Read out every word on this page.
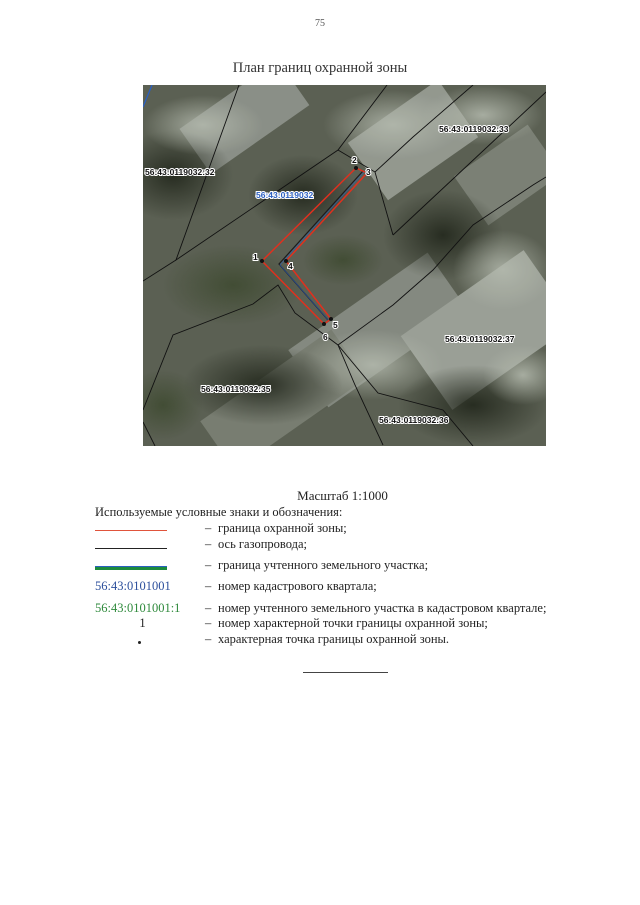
75
План границ охранной зоны
1
2
3
4
5
6
56:43:0119032
56:43:0119032:33
56:43:0119032:32
56:43:0119032:37
56:43:0119032:35
56:43:0119032:36
Масштаб 1:1000
Используемые условные знаки и обозначения:
– граница охранной зоны;
– ось газопровода;
– граница учтенного земельного участка;
56:43:0101001	– номер кадастрового квартала;
56:43:0101001:1	– номер учтенного земельного участка в кадастровом квартале;
1	– номер характерной точки границы охранной зоны;
– характерная точка границы охранной зоны.
